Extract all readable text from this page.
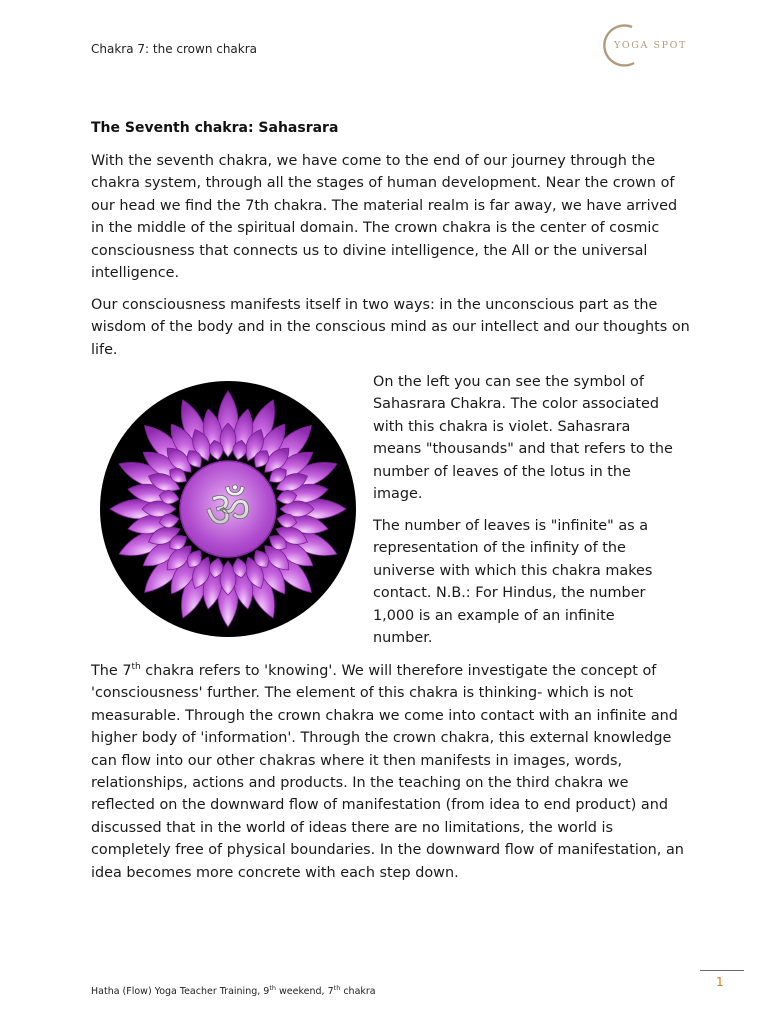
Chakra 7: the crown chakra	YOGA SPOT
The Seventh chakra: Sahasrara

With the seventh chakra, we have come to the end of our journey through the chakra system, through all the stages of human development. Near the crown of our head we find the 7th chakra. The material realm is far away, we have arrived in the middle of the spiritual domain. The crown chakra is the center of cosmic consciousness that connects us to divine intelligence, the All or the universal intelligence.

Our consciousness manifests itself in two ways: in the unconscious part as the wisdom of the body and in the conscious mind as our intellect and our thoughts on life.

ॐ

On the left you can see the symbol of Sahasrara Chakra. The color associated with this chakra is violet. Sahasrara means "thousands" and that refers to the number of leaves of the lotus in the image.

The number of leaves is "infinite" as a representation of the infinity of the universe with which this chakra makes contact. N.B.: For Hindus, the number 1,000 is an example of an infinite number.

The 7th chakra refers to 'knowing'. We will therefore investigate the concept of 'consciousness' further. The element of this chakra is thinking- which is not measurable. Through the crown chakra we come into contact with an infinite and higher body of 'information'. Through the crown chakra, this external knowledge can flow into our other chakras where it then manifests in images, words, relationships, actions and products. In the teaching on the third chakra we reflected on the downward flow of manifestation (from idea to end product) and discussed that in the world of ideas there are no limitations, the world is completely free of physical boundaries. In the downward flow of manifestation, an idea becomes more concrete with each step down.

1
Hatha (Flow) Yoga Teacher Training, 9th weekend, 7th chakra
